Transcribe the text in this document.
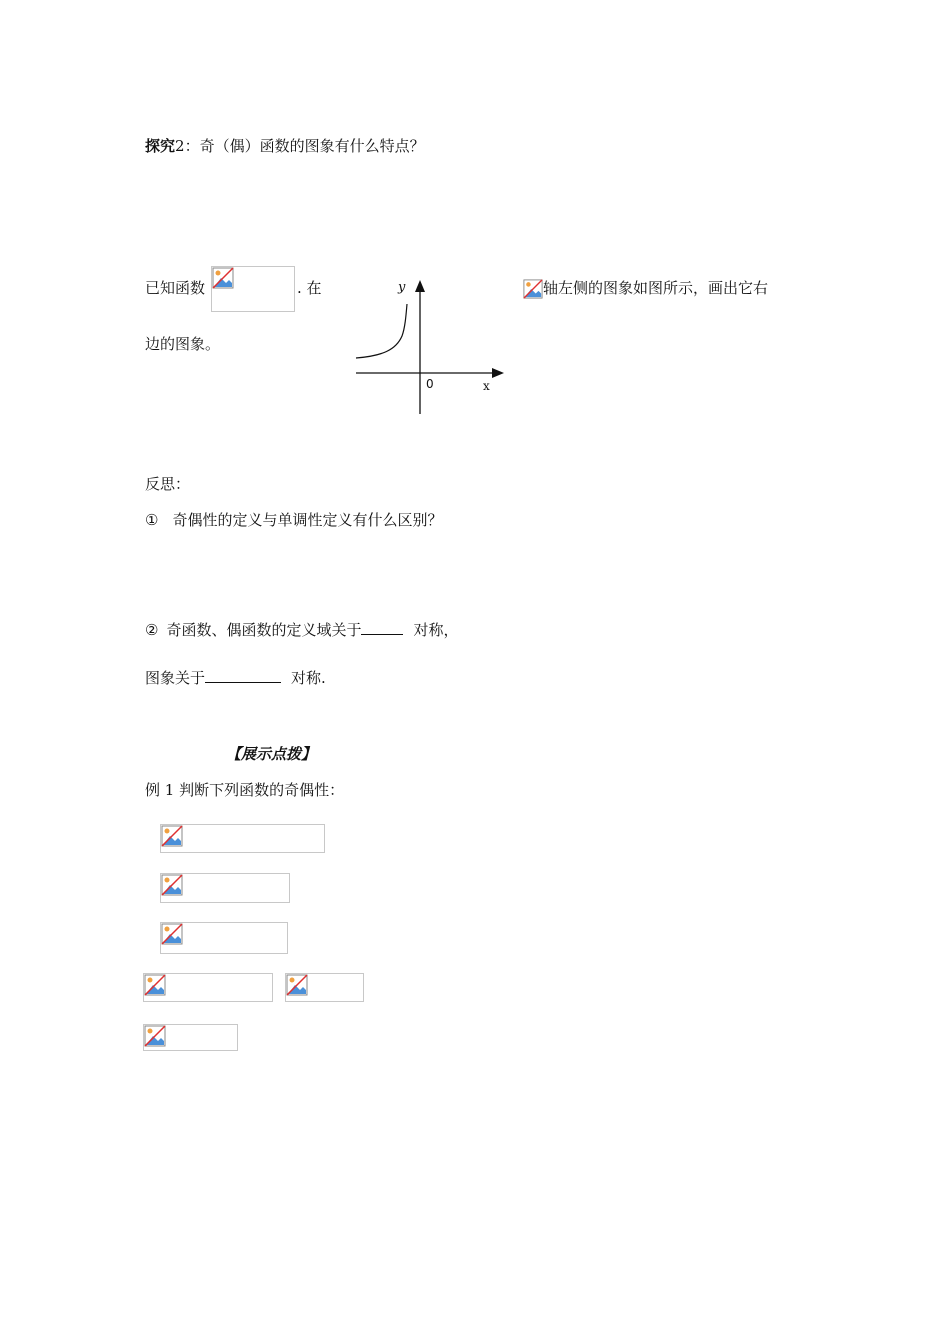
探究2：奇（偶）函数的图象有什么特点？
已知函数	. 在	y
x
0
轴左侧的图象如图所示，画出它右
边的图象。
反思：
① 奇偶性的定义与单调性定义有什么区别？
② 奇函数、偶函数的定义域关于	对称，
图象关于	对称.
【展示点拨】
例 1 判断下列函数的奇偶性：
